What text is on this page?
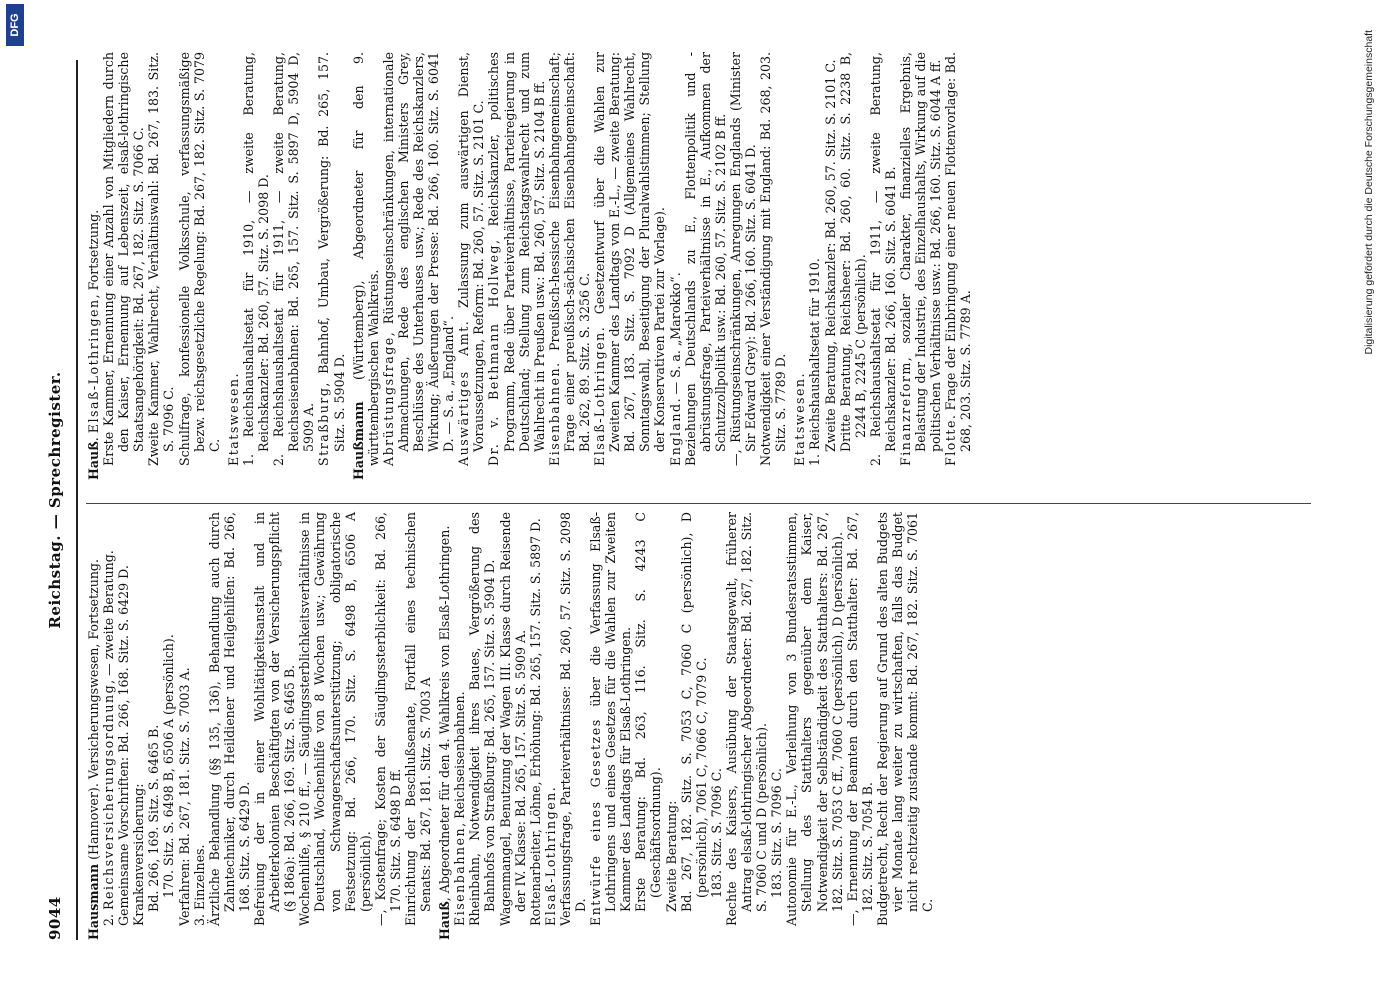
9044
Reichstag. — Sprechregister.
Hausmann (Hannover). Versicherungswesen, Fortsetzung.
2. Reichsversicherungsordnung, — zweite Beratung. Gemeinsame Vorschriften: Bd. 266, 168. Sitz. S. 6429 D. Krankenversicherung: Bd. 266, 169. Sitz. S. 6465 B. 170. Sitz. S. 6498 B, 6506 A (persönlich). Verfahren: Bd. 267, 181. Sitz. S. 7003 A. 3. Einzelnes. Ärztliche Behandlung (§§ 135, 136), Behandlung auch durch Zahntechniker, durch Heildiener und Heilgehilfen: Bd. 266, 168. Sitz. S. 6429 D. Befreiung der in einer Wohltätigkeitsanstalt und in Arbeiterkolonien Beschäftigten von der Versicherungspflicht (§ 186a): Bd. 266, 169. Sitz. S. 6465 B. Wochenhilfe, § 210 ff., — Säuglingssterblichkeitsverhältnisse in Deutschland, Wochenhilfe von 8 Wochen usw.; Gewährung von Schwangerschaftsunterstützung; obligatorische Festsetzung: Bd. 266, 170. Sitz. S. 6498 B, 6506 A (persönlich). —, Kostenfrage; Kosten der Säuglingssterblichkeit: Bd. 266, 170. Sitz. S. 6498 D ff. Einrichtung der Beschlußsenate, Fortfall eines technischen Senats: Bd. 267, 181. Sitz. S. 7003 A
Hauß, Abgeordneter für den 4. Wahlkreis von Elsaß-Lothringen. Eisenbahnen, Reichseisenbahnen. Rheinbahn, Notwendigkeit ihres Baues, Vergrößerung des Bahnhofs von Straßburg: Bd. 265, 157. Sitz. S. 5904 D. Wagenmangel, Benutzung der Wagen III. Klasse durch Reisende der IV. Klasse: Bd. 265, 157. Sitz. S. 5909 A. Rottenarbeiter, Löhne, Erhöhung: Bd. 265, 157. Sitz. S. 5897 D. Elsaß-Lothringen. Verfassungsfrage, Parteiverhältnisse: Bd. 260, 57. Sitz. S. 2098 D. Entwürfe eines Gesetzes über die Verfassung Elsaß-Lothringens und eines Gesetzes für die Wahlen zur Zweiten Kammer des Landtags für Elsaß-Lothringen. Erste Beratung: Bd. 263, 116. Sitz. S. 4243 C (Geschäftsordnung). Zweite Beratung: Bd. 267, 182. Sitz. S. 7053 C, 7060 C (persönlich), D (persönlich), 7061 C, 7066 C, 7079 C. 183. Sitz. S. 7096 C. Rechte des Kaisers, Ausübung der Staatsgewalt, früherer Antrag elsaß-lothringischer Abgeordneter: Bd. 267, 182. Sitz. S. 7060 C und D (persönlich). 183. Sitz. S. 7096 C. Autonomie für E.-L., Verleihung von 3 Bundesratsstimmen, Stellung des Statthalters gegenüber dem Kaiser, Notwendigkeit der Selbständigkeit des Statthalters: Bd. 267, 182. Sitz. S. 7053 C ff., 7060 C (persönlich), D (persönlich). —, Ernennung der Beamten durch den Statthalter: Bd. 267, 182. Sitz. S. 7054 B. Budgetrecht, Recht der Regierung auf Grund des alten Budgets vier Monate lang weiter zu wirtschaften, falls das Budget nicht rechtzeitig zustande kommt: Bd. 267, 182. Sitz. S. 7061 C.
Hauß. Elsaß-Lothringen, Fortsetzung. Erste Kammer, Ernennung einer Anzahl von Mitgliedern durch den Kaiser, Ernennung auf Lebenszeit, elsaß-lothringische Staatsangehörigkeit: Bd. 267, 182. Sitz. S. 7066 C. Zweite Kammer, Wahlrecht, Verhältniswahl: Bd. 267, 183. Sitz. S. 7096 C. Schulfrage, konfessionelle Volksschule, verfassungsmäßige bezw. reichsgesetzliche Regelung: Bd. 267, 182. Sitz. S. 7079 C. Etatswesen. 1. Reichshaushaltsetat für 1910, — zweite Beratung, Reichskanzler: Bd. 260, 57. Sitz. S. 2098 D. 2. Reichshaushaltsetat für 1911, — zweite Beratung, Reichseisenbahnen: Bd. 265, 157. Sitz. S. 5897 D, 5904 D, 5909 A. Straßburg, Bahnhof, Umbau, Vergrößerung: Bd. 265, 157. Sitz. S. 5904 D. Haußmann (Württemberg), Abgeordneter für den 9. württembergischen Wahlkreis. Abrüstungsfrage, Rüstungseinschränkungen, internationale Abmachungen, Rede des englischen Ministers Grey, Beschlüsse des Unterhauses usw.; Rede des Reichskanzlers, Wirkung; Äußerungen der Presse: Bd. 266, 160. Sitz. S. 6041 D. — S. a. „England“. Auswärtiges Amt. Zulassung zum auswärtigen Dienst, Voraussetzungen, Reform: Bd. 260, 57. Sitz. S. 2101 C. Dr. v. Bethmann Hollweg, Reichskanzler, politisches Programm, Rede über Parteiverhältnisse, Parteiregierung in Deutschland; Stellung zum Reichstagswahlrecht und zum Wahlrecht in Preußen usw.: Bd. 260, 57. Sitz. S. 2104 B ff. Eisenbahnen. Preußisch-hessische Eisenbahngemeinschaft; Frage einer preußisch-sächsischen Eisenbahngemeinschaft: Bd. 262, 89. Sitz. S. 3256 C. Elsaß-Lothringen. Gesetzentwurf über die Wahlen zur Zweiten Kammer des Landtags von E.-L., — zweite Beratung: Bd. 267, 183. Sitz. S. 7092 D (Allgemeines Wahlrecht, Sonntagswahl, Beseitigung der Pluralwahlstimmen; Stellung der Konservativen Partei zur Vorlage). England. — S. a. „Marokko“. Beziehungen Deutschlands zu E., Flottenpolitik und -abrüstungsfrage, Parteiverhältnisse in E., Aufkommen der Schutzzollpolitik usw.: Bd. 260, 57. Sitz. S. 2102 B ff. —, Rüstungseinschränkungen, Anregungen Englands (Minister Sir Edward Grey): Bd. 266, 160. Sitz. S. 6041 D. Notwendigkeit einer Verständigung mit England: Bd. 268, 203. Sitz. S. 7789 D. Etatswesen. 1. Reichshaushaltsetat für 1910. Zweite Beratung, Reichskanzler: Bd. 260, 57. Sitz. S. 2101 C. Dritte Beratung, Reichsheer: Bd. 260, 60. Sitz. S. 2238 B, 2244 B, 2245 C (persönlich). 2. Reichshaushaltsetat für 1911, — zweite Beratung, Reichskanzler: Bd. 266, 160. Sitz. S. 6041 B. Finanzreform, sozialer Charakter, finanzielles Ergebnis, Belastung der Industrie, des Einzelhaushalts, Wirkung auf die politischen Verhältnisse usw.: Bd. 266, 160. Sitz. S. 6044 A ff. Flotte. Frage der Einbringung einer neuen Flottenvorlage: Bd. 268, 203. Sitz. S. 7789 A.
DFG
Digitalisierung gefördert durch die Deutsche Forschungsgemeinschaft
